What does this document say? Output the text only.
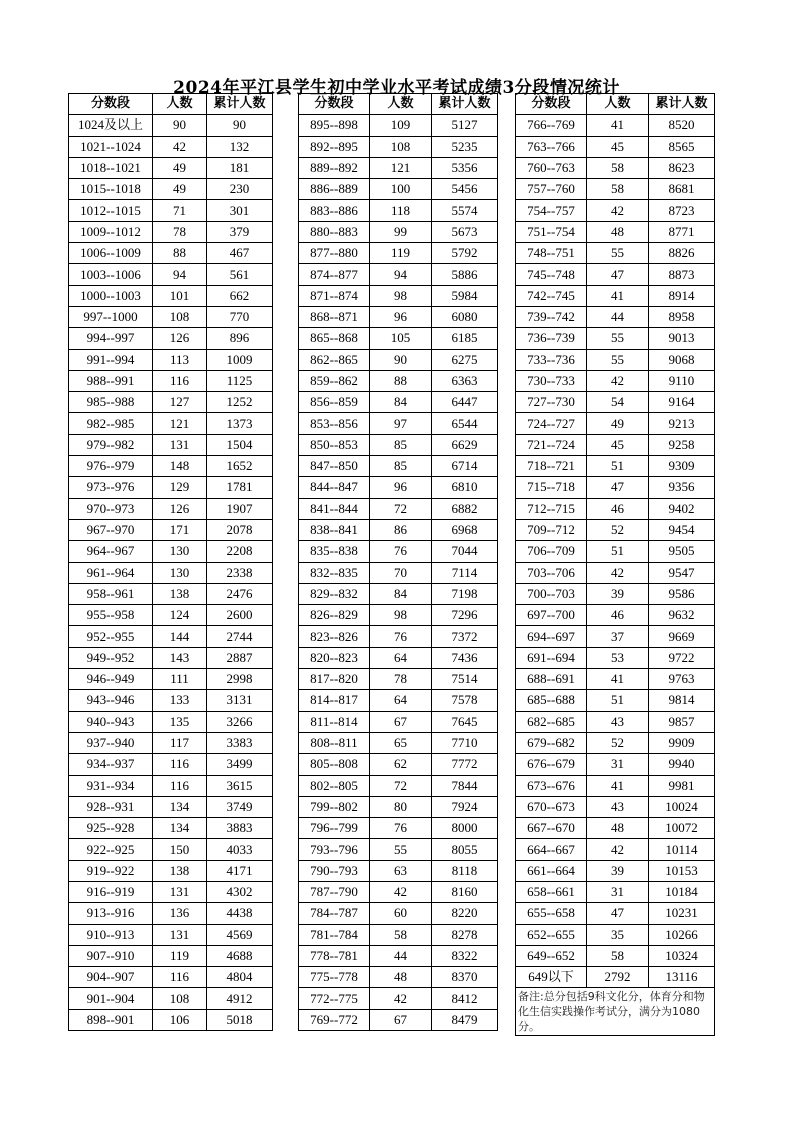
2024年平江县学生初中学业水平考试成绩3分段情况统计
分数段	人数	累计人数
1024及以上	90	90
1021--1024	42	132
1018--1021	49	181
1015--1018	49	230
1012--1015	71	301
1009--1012	78	379
1006--1009	88	467
1003--1006	94	561
1000--1003	101	662
997--1000	108	770
994--997	126	896
991--994	113	1009
988--991	116	1125
985--988	127	1252
982--985	121	1373
979--982	131	1504
976--979	148	1652
973--976	129	1781
970--973	126	1907
967--970	171	2078
964--967	130	2208
961--964	130	2338
958--961	138	2476
955--958	124	2600
952--955	144	2744
949--952	143	2887
946--949	111	2998
943--946	133	3131
940--943	135	3266
937--940	117	3383
934--937	116	3499
931--934	116	3615
928--931	134	3749
925--928	134	3883
922--925	150	4033
919--922	138	4171
916--919	131	4302
913--916	136	4438
910--913	131	4569
907--910	119	4688
904--907	116	4804
901--904	108	4912
898--901	106	5018
分数段	人数	累计人数
895--898	109	5127
892--895	108	5235
889--892	121	5356
886--889	100	5456
883--886	118	5574
880--883	99	5673
877--880	119	5792
874--877	94	5886
871--874	98	5984
868--871	96	6080
865--868	105	6185
862--865	90	6275
859--862	88	6363
856--859	84	6447
853--856	97	6544
850--853	85	6629
847--850	85	6714
844--847	96	6810
841--844	72	6882
838--841	86	6968
835--838	76	7044
832--835	70	7114
829--832	84	7198
826--829	98	7296
823--826	76	7372
820--823	64	7436
817--820	78	7514
814--817	64	7578
811--814	67	7645
808--811	65	7710
805--808	62	7772
802--805	72	7844
799--802	80	7924
796--799	76	8000
793--796	55	8055
790--793	63	8118
787--790	42	8160
784--787	60	8220
781--784	58	8278
778--781	44	8322
775--778	48	8370
772--775	42	8412
769--772	67	8479
分数段	人数	累计人数
766--769	41	8520
763--766	45	8565
760--763	58	8623
757--760	58	8681
754--757	42	8723
751--754	48	8771
748--751	55	8826
745--748	47	8873
742--745	41	8914
739--742	44	8958
736--739	55	9013
733--736	55	9068
730--733	42	9110
727--730	54	9164
724--727	49	9213
721--724	45	9258
718--721	51	9309
715--718	47	9356
712--715	46	9402
709--712	52	9454
706--709	51	9505
703--706	42	9547
700--703	39	9586
697--700	46	9632
694--697	37	9669
691--694	53	9722
688--691	41	9763
685--688	51	9814
682--685	43	9857
679--682	52	9909
676--679	31	9940
673--676	41	9981
670--673	43	10024
667--670	48	10072
664--667	42	10114
661--664	39	10153
658--661	31	10184
655--658	47	10231
652--655	35	10266
649--652	58	10324
649以下	2792	13116
备注:总分包括9科文化分，体育分和物化生信实践操作考试分，满分为1080分。		
